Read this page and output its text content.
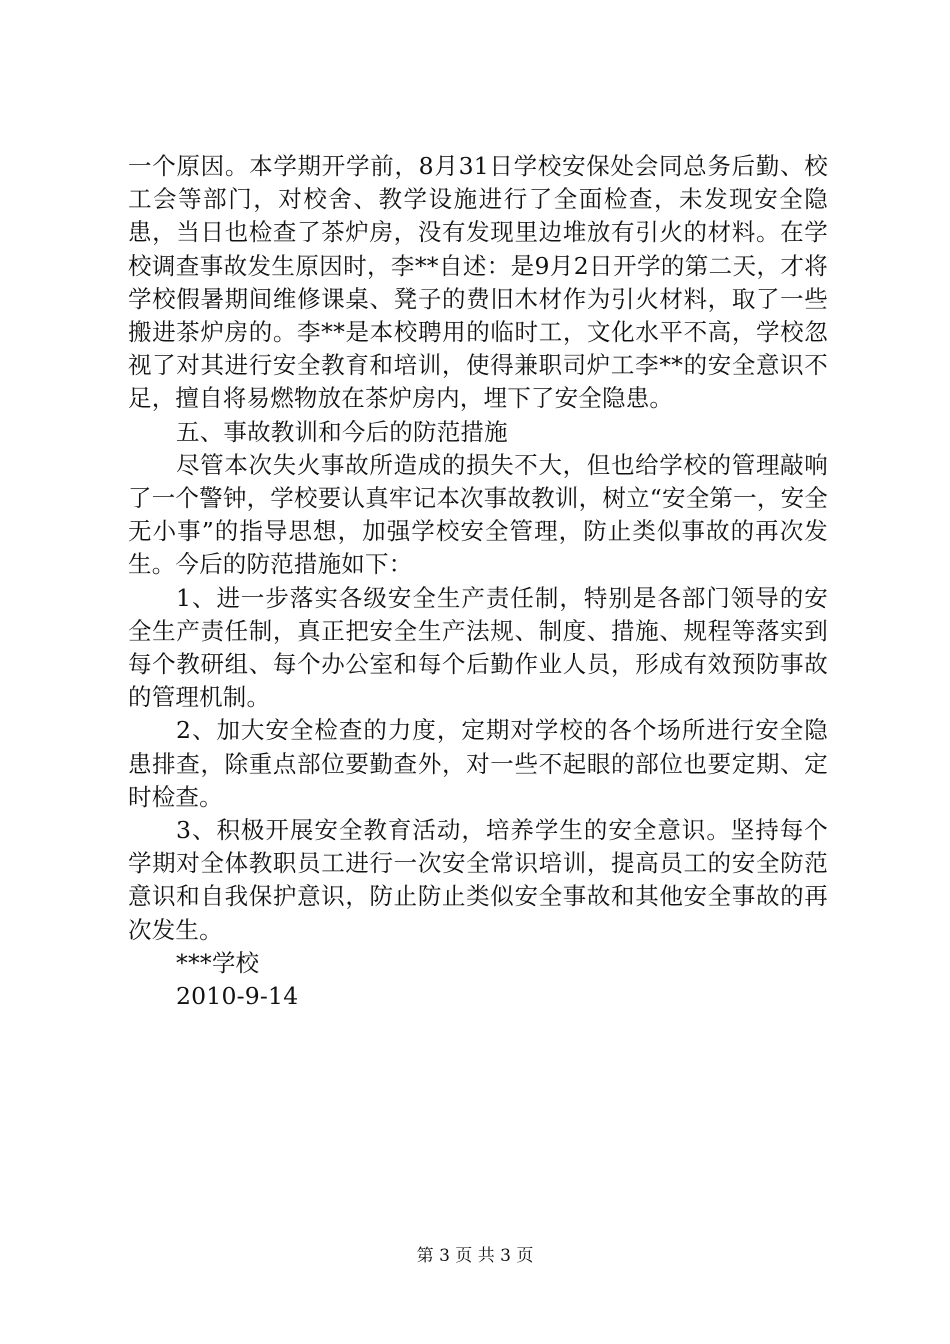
一个原因。本学期开学前，8月31日学校安保处会同总务后勤、校工会等部门，对校舍、教学设施进行了全面检查，未发现安全隐患，当日也检查了茶炉房，没有发现里边堆放有引火的材料。在学校调查事故发生原因时，李**自述：是9月2日开学的第二天，才将学校假暑期间维修课桌、凳子的费旧木材作为引火材料，取了一些搬进茶炉房的。李**是本校聘用的临时工，文化水平不高，学校忽视了对其进行安全教育和培训，使得兼职司炉工李**的安全意识不足，擅自将易燃物放在茶炉房内，埋下了安全隐患。

五、事故教训和今后的防范措施

尽管本次失火事故所造成的损失不大，但也给学校的管理敲响了一个警钟，学校要认真牢记本次事故教训，树立“安全第一，安全无小事”的指导思想，加强学校安全管理，防止类似事故的再次发生。今后的防范措施如下：

1、进一步落实各级安全生产责任制，特别是各部门领导的安全生产责任制，真正把安全生产法规、制度、措施、规程等落实到每个教研组、每个办公室和每个后勤作业人员，形成有效预防事故的管理机制。

2、加大安全检查的力度，定期对学校的各个场所进行安全隐患排查，除重点部位要勤查外，对一些不起眼的部位也要定期、定时检查。

3、积极开展安全教育活动，培养学生的安全意识。坚持每个学期对全体教职员工进行一次安全常识培训，提高员工的安全防范意识和自我保护意识，防止防止类似安全事故和其他安全事故的再次发生。

***学校

2010-9-14

第 3 页 共 3 页
